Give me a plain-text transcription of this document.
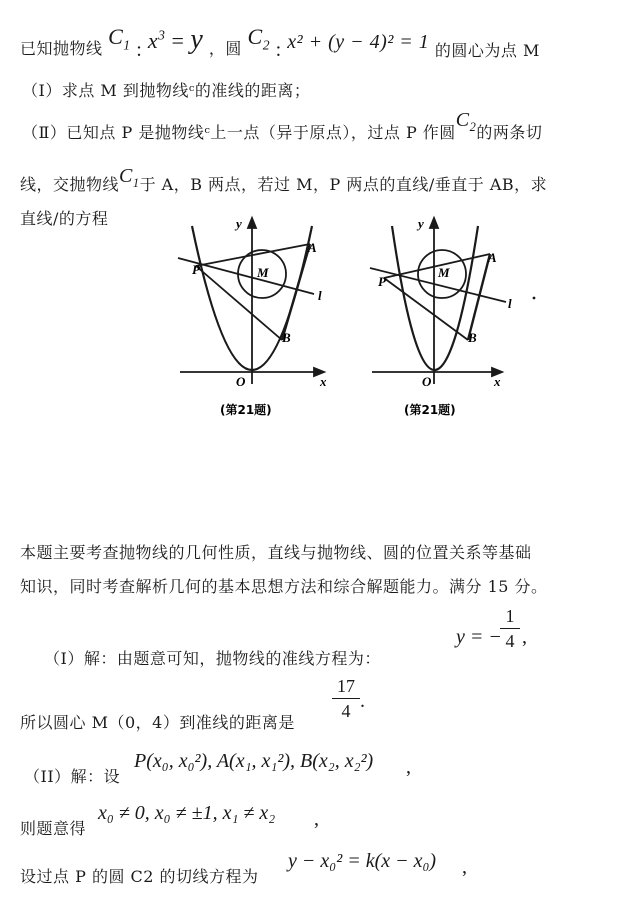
已知抛物线 $C_1$ : $x^3 = y$ ，圆 $C_2$ : x² + (y − 4)² = 1 的圆心为点 M
（Ⅰ）求点 M 到抛物线ᶜ的准线的距离；
（Ⅱ）已知点 P 是抛物线ᶜ上一点（异于原点），过点 P 作圆$C_2$的两条切
线，交抛物线$C_1$于 A，B 两点，若过 M，P 两点的直线/垂直于 AB，求
直线/的方程	y
x
O
P	M
A
B
l
(第21题)
y
x
O
P
M
A
B
l
(第21题)
本题主要考查抛物线的几何性质，直线与抛物线、圆的位置关系等基础
知识，同时考查解析几何的基本思想方法和综合解题能力。满分 15 分。
（I）解：由题意可知，抛物线的准线方程为：
y = −
1
4 ,
所以圆心 M（0，4）到准线的距离是
17
4 .
（II）解：设
P(x₀, x₀²), A(x₁, x₁²), B(x₂, x₂²) ,
则题意得
x₀ ≠ 0, x₀ ≠ ±1, x₁ ≠ x₂ ,
设过点 P 的圆 C2 的切线方程为
y − x₀² = k(x − x₀) ,
